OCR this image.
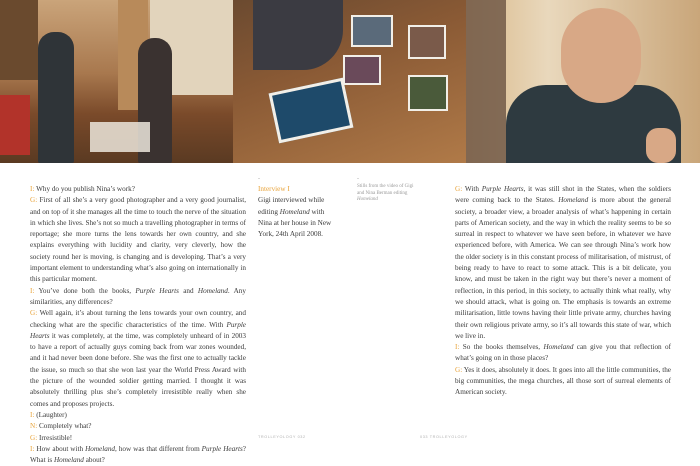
I: Why do you publish Nina’s work?

G: First of all she’s a very good photographer and a very good journalist, and on top of it she manages all the time to touch the nerve of the situation in which she lives. She’s not so much a travelling photographer in terms of reportage; she more turns the lens towards her own country, and she explains everything with lucidity and clarity, very cleverly, how the society round her is moving, is changing and is developing. That’s a very important element to understanding what’s also going on internationally in this particular moment.

I: You’ve done both the books, Purple Hearts and Homeland. Any similarities, any differences?

G: Well again, it’s about turning the lens towards your own country, and checking what are the specific characteristics of the time. With Purple Hearts it was completely, at the time, was completely unheard of in 2003 to have a report of actually guys coming back from war zones wounded, and it had never been done before. She was the first one to actually tackle the issue, so much so that she won last year the World Press Award with the picture of the wounded soldier getting married. I thought it was absolutely thrilling plus she’s completely irresistible really when she comes and proposes projects.

I: (Laughter)

N: Completely what?

G: Irresistible!

I: How about with Homeland, how was that different from Purple Hearts? What is Homeland about?

-
Interview I
Gigi interviewed while editing Homeland with Nina at her house in New York, 24th April 2008.
-
Stills from the video of Gigi and Nina Berman editing Homeland

G: With Purple Hearts, it was still shot in the States, when the soldiers were coming back to the States. Homeland is more about the general society, a broader view, a broader analysis of what’s happening in certain parts of American society, and the way in which the reality seems to be so surreal in respect to whatever we have seen before, in whatever we have experienced before, with America. We can see through Nina’s work how the older society is in this constant process of militarisation, of mistrust, of being ready to have to react to some attack. This is a bit delicate, you know, and must be taken in the right way but there’s never a moment of reflection, in this period, in this society, to actually think what really, why we should attack, what is going on. The emphasis is towards an extreme militarisation, little towns having their little private army, churches having their own religious private army, so it’s all towards this state of war, which we live in.

I: So the books themselves, Homeland can give you that reflection of what’s going on in those places?

G: Yes it does, absolutely it does. It goes into all the little communities, the big communities, the mega churches, all those sort of surreal elements of American society.

TROLLEYOLOGY 032	033 TROLLEYOLOGY
